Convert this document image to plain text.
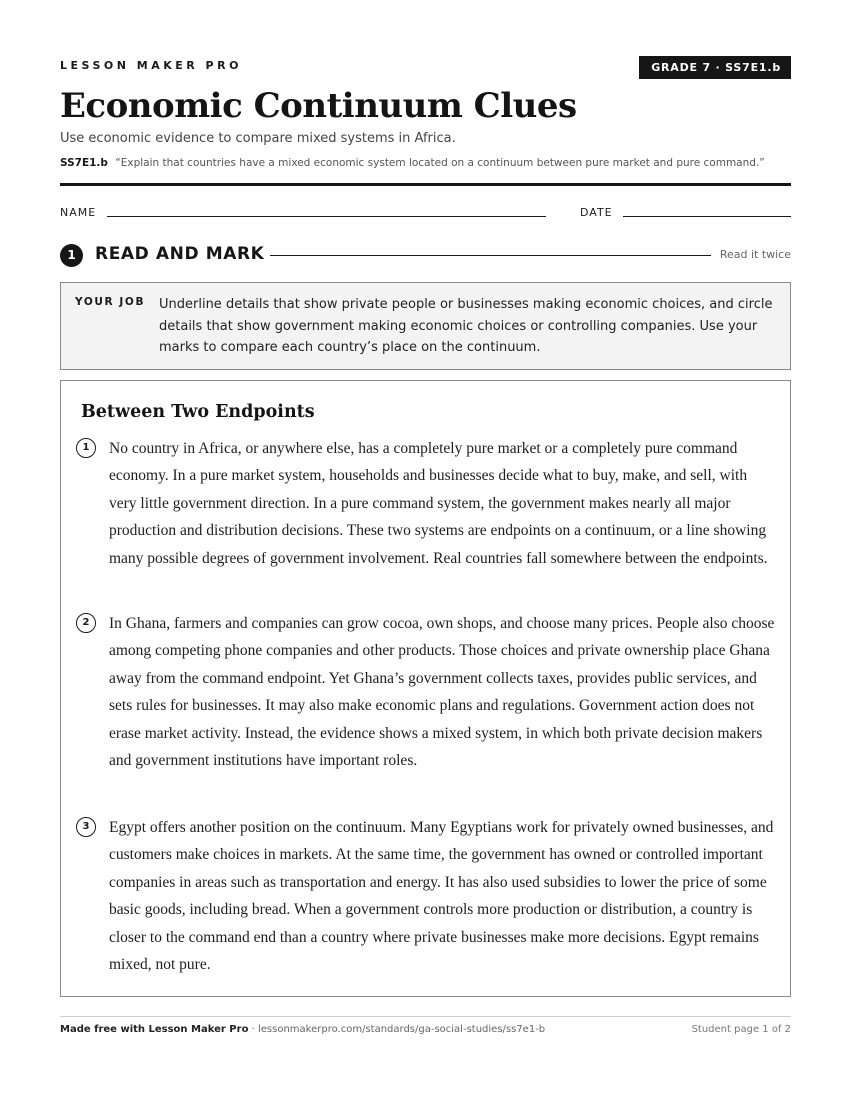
LESSON MAKER PRO	GRADE 7 · SS7E1.b
Economic Continuum Clues
Use economic evidence to compare mixed systems in Africa.
SS7E1.b “Explain that countries have a mixed economic system located on a continuum between pure market and pure command.”
NAME	DATE
1	READ AND MARK	Read it twice
YOUR JOB Underline details that show private people or businesses making economic choices, and circle details that show government making economic choices or controlling companies. Use your marks to compare each country’s place on the continuum.
Between Two Endpoints
1	No country in Africa, or anywhere else, has a completely pure market or a completely pure command economy. In a pure market system, households and businesses decide what to buy, make, and sell, with very little government direction. In a pure command system, the government makes nearly all major production and distribution decisions. These two systems are endpoints on a continuum, or a line showing many possible degrees of government involvement. Real countries fall somewhere between the endpoints.

2	In Ghana, farmers and companies can grow cocoa, own shops, and choose many prices. People also choose among competing phone companies and other products. Those choices and private ownership place Ghana away from the command endpoint. Yet Ghana’s government collects taxes, provides public services, and sets rules for businesses. It may also make economic plans and regulations. Government action does not erase market activity. Instead, the evidence shows a mixed system, in which both private decision makers and government institutions have important roles.

3	Egypt offers another position on the continuum. Many Egyptians work for privately owned businesses, and customers make choices in markets. At the same time, the government has owned or controlled important companies in areas such as transportation and energy. It has also used subsidies to lower the price of some basic goods, including bread. When a government controls more production or distribution, a country is closer to the command end than a country where private businesses make more decisions. Egypt remains mixed, not pure.

Made free with Lesson Maker Pro · lessonmakerpro.com/standards/ga-social-studies/ss7e1-b	Student page 1 of 2
